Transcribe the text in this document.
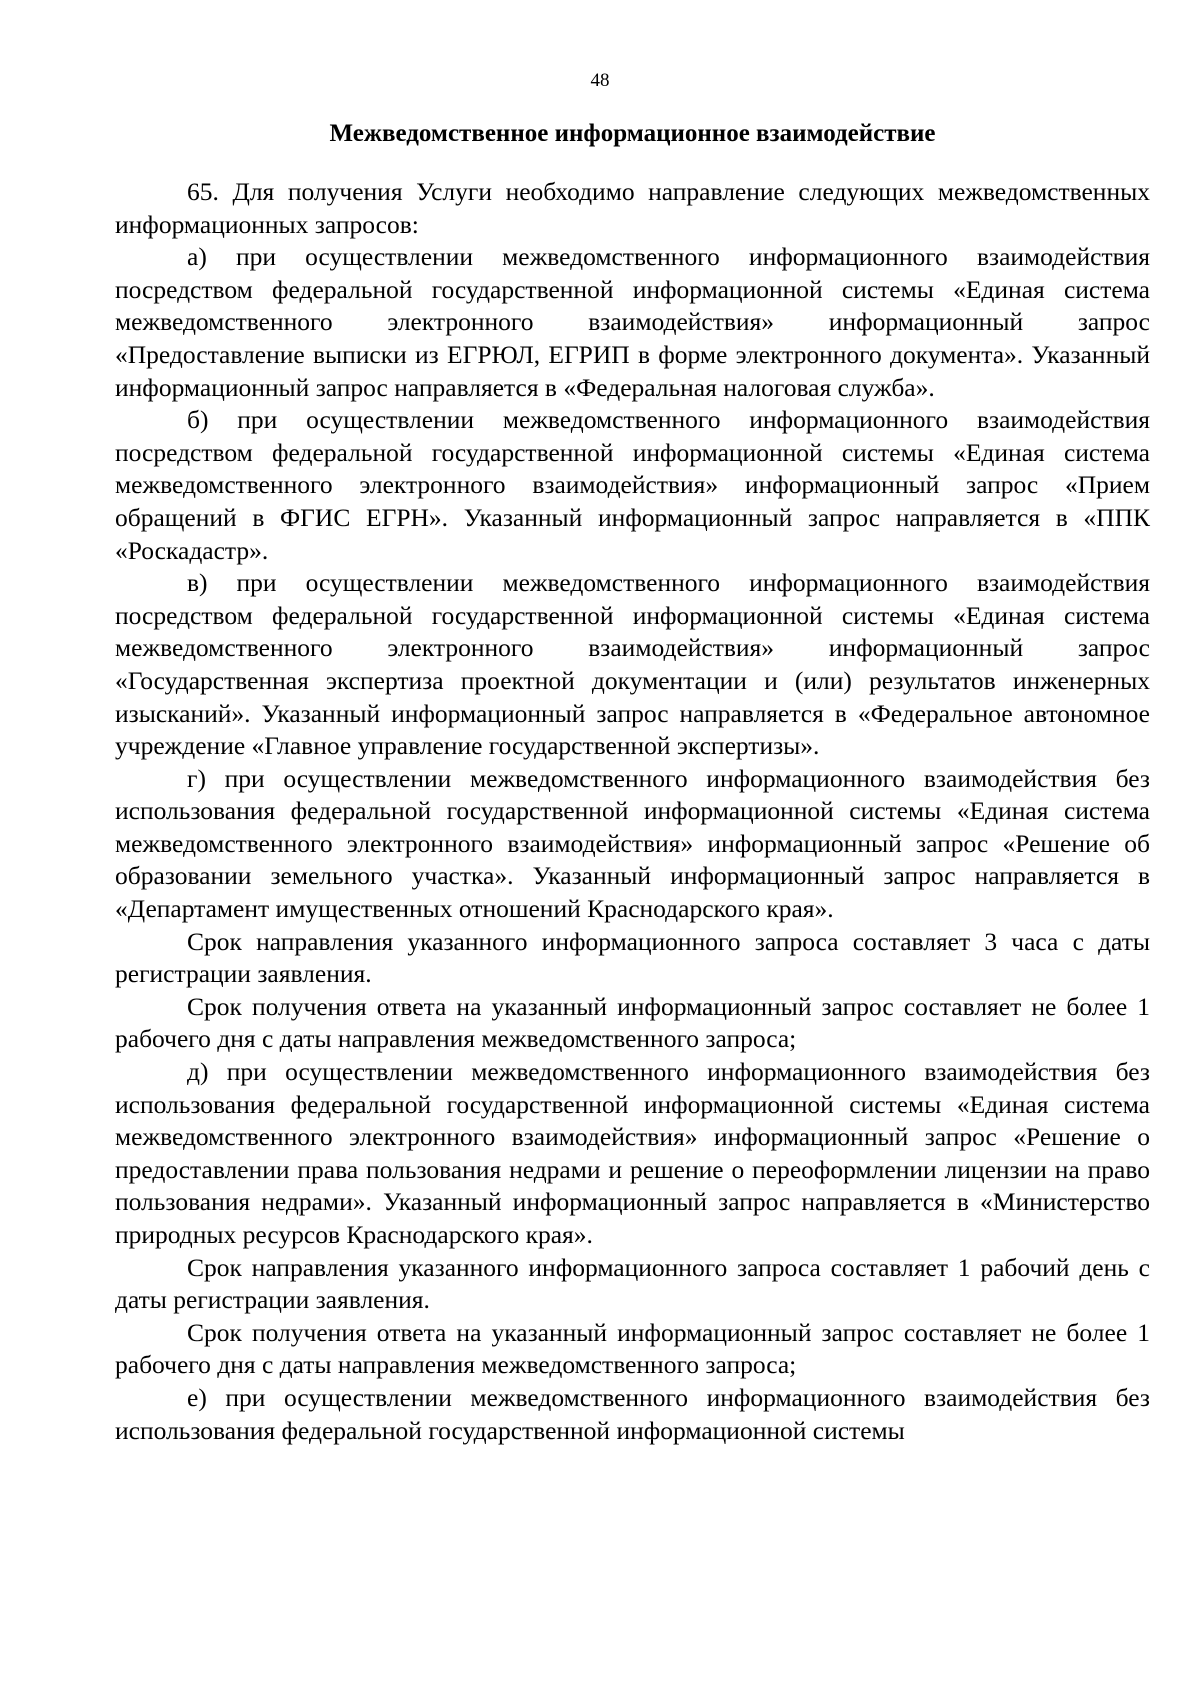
48

Межведомственное информационное взаимодействие

65. Для получения Услуги необходимо направление следующих межведомственных информационных запросов:

а) при осуществлении межведомственного информационного взаимодействия посредством федеральной государственной информационной системы «Единая система межведомственного электронного взаимодействия» информационный запрос «Предоставление выписки из ЕГРЮЛ, ЕГРИП в форме электронного документа». Указанный информационный запрос направляется в «Федеральная налоговая служба».

б) при осуществлении межведомственного информационного взаимодействия посредством федеральной государственной информационной системы «Единая система межведомственного электронного взаимодействия» информационный запрос «Прием обращений в ФГИС ЕГРН». Указанный информационный запрос направляется в «ППК «Роскадастр».

в) при осуществлении межведомственного информационного взаимодействия посредством федеральной государственной информационной системы «Единая система межведомственного электронного взаимодействия» информационный запрос «Государственная экспертиза проектной документации и (или) результатов инженерных изысканий». Указанный информационный запрос направляется в «Федеральное автономное учреждение «Главное управление государственной экспертизы».

г) при осуществлении межведомственного информационного взаимодействия без использования федеральной государственной информационной системы «Единая система межведомственного электронного взаимодействия» информационный запрос «Решение об образовании земельного участка». Указанный информационный запрос направляется в «Департамент имущественных отношений Краснодарского края».

Срок направления указанного информационного запроса составляет 3 часа с даты регистрации заявления.

Срок получения ответа на указанный информационный запрос составляет не более 1 рабочего дня с даты направления межведомственного запроса;

д) при осуществлении межведомственного информационного взаимодействия без использования федеральной государственной информационной системы «Единая система межведомственного электронного взаимодействия» информационный запрос «Решение о предоставлении права пользования недрами и решение о переоформлении лицензии на право пользования недрами». Указанный информационный запрос направляется в «Министерство природных ресурсов Краснодарского края».

Срок направления указанного информационного запроса составляет 1 рабочий день с даты регистрации заявления.

Срок получения ответа на указанный информационный запрос составляет не более 1 рабочего дня с даты направления межведомственного запроса;

е) при осуществлении межведомственного информационного взаимодействия без использования федеральной государственной информационной системы
